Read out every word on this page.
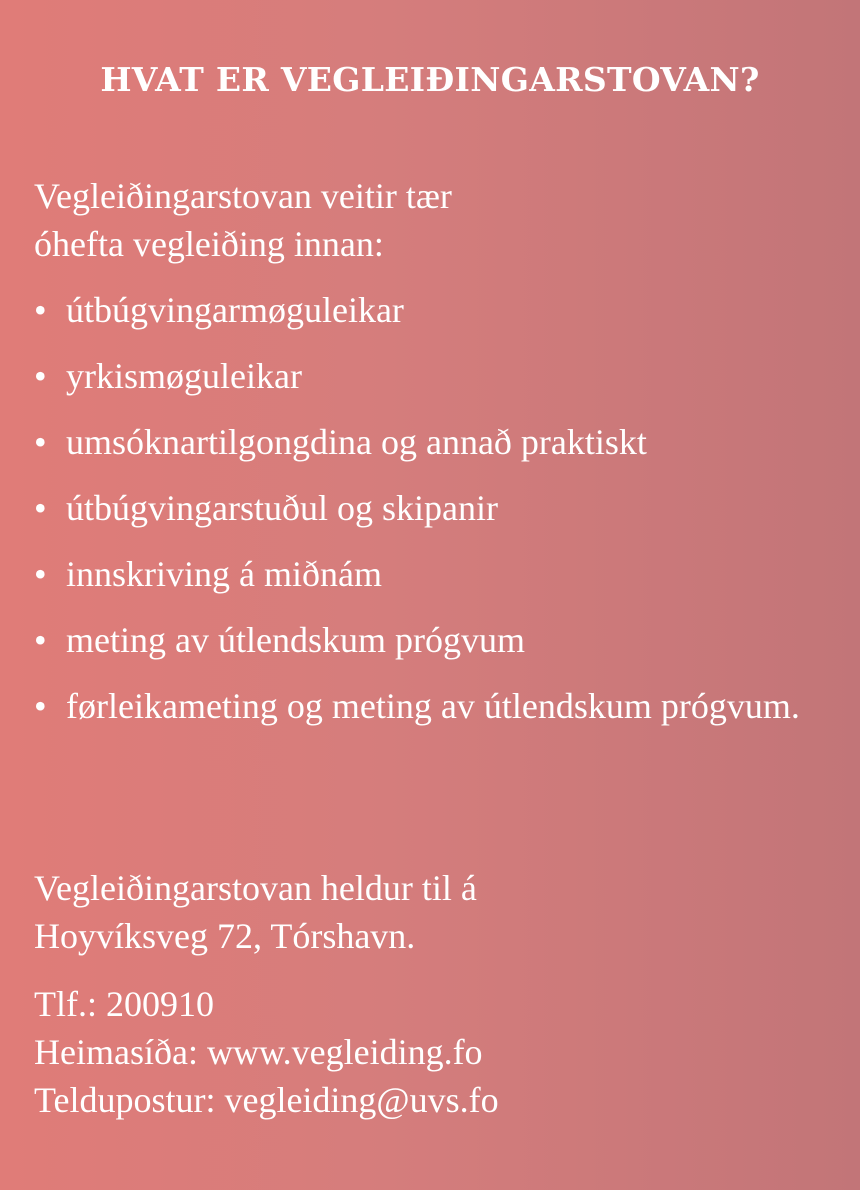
HVAT ER VEGLEIÐINGARSTOVAN?

Vegleiðingarstovan veitir tær
óhefta vegleiðing innan:

• útbúgvingarmøguleikar
• yrkismøguleikar
• umsóknartilgongdina og annað praktiskt
• útbúgvingarstuðul og skipanir
• innskriving á miðnám
• meting av útlendskum prógvum
• førleikameting og meting av útlendskum prógvum.

Vegleiðingarstovan heldur til á
Hoyvíksveg 72, Tórshavn.

Tlf.: 200910
Heimasíða: www.vegleiding.fo
Teldupostur: vegleiding@uvs.fo
